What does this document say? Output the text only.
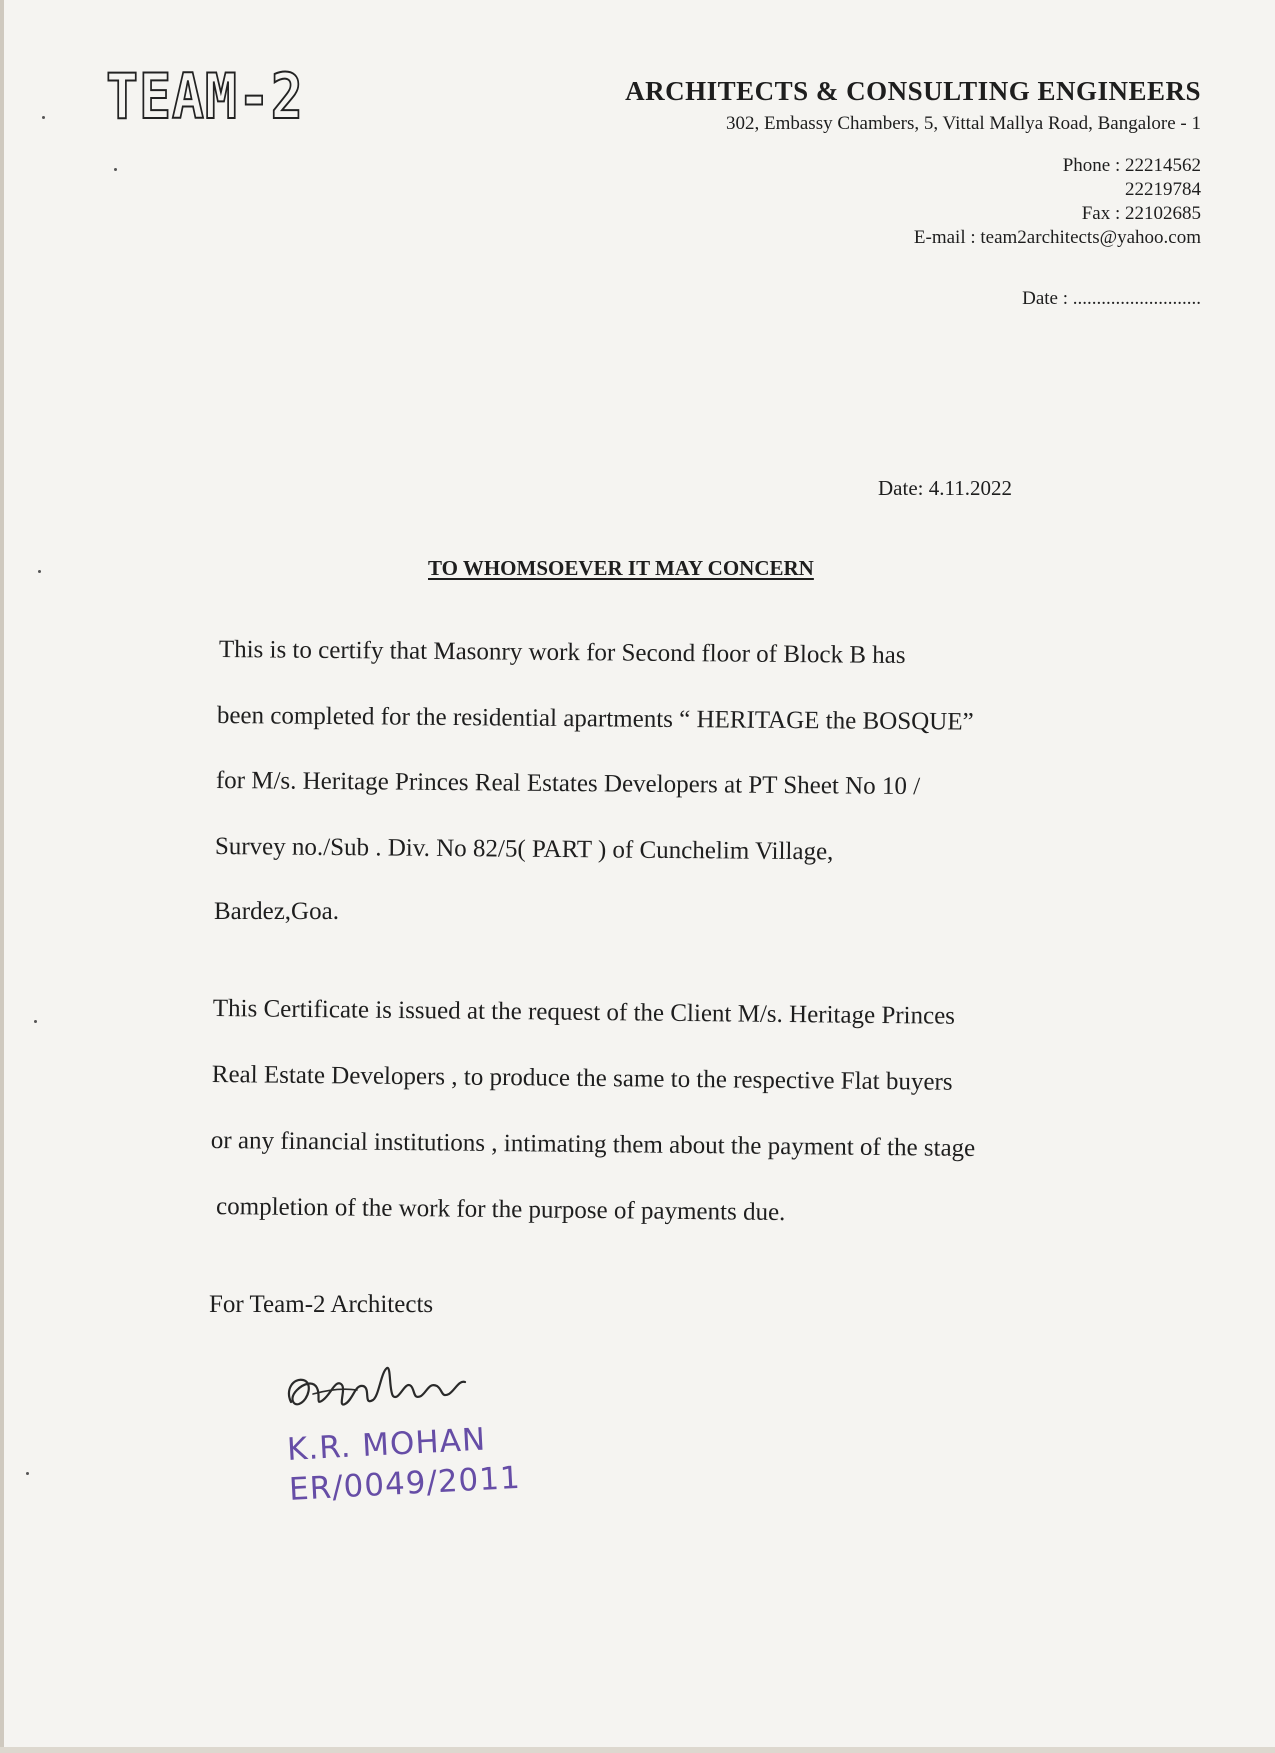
TEAM-2	ARCHITECTS & CONSULTING ENGINEERS

302, Embassy Chambers, 5, Vittal Mallya Road, Bangalore - 1

Phone : 22214562
22219784
Fax : 22102685
E-mail : team2architects@yahoo.com
Date : ...........................
Date: 4.11.2022
TO WHOMSOEVER IT MAY CONCERN
This is to certify that Masonry work for Second floor of Block B has
been completed for the residential apartments “ HERITAGE the BOSQUE”
for M/s. Heritage Princes Real Estates Developers at PT Sheet No 10 /
Survey no./Sub . Div. No 82/5( PART ) of Cunchelim Village,
Bardez,Goa.
This Certificate is issued at the request of the Client M/s. Heritage Princes
Real Estate Developers , to produce the same to the respective Flat buyers
or any financial institutions , intimating them about the payment of the stage
completion of the work for the purpose of payments due.
For Team-2 Architects
K.R. MOHAN
ER/0049/2011
